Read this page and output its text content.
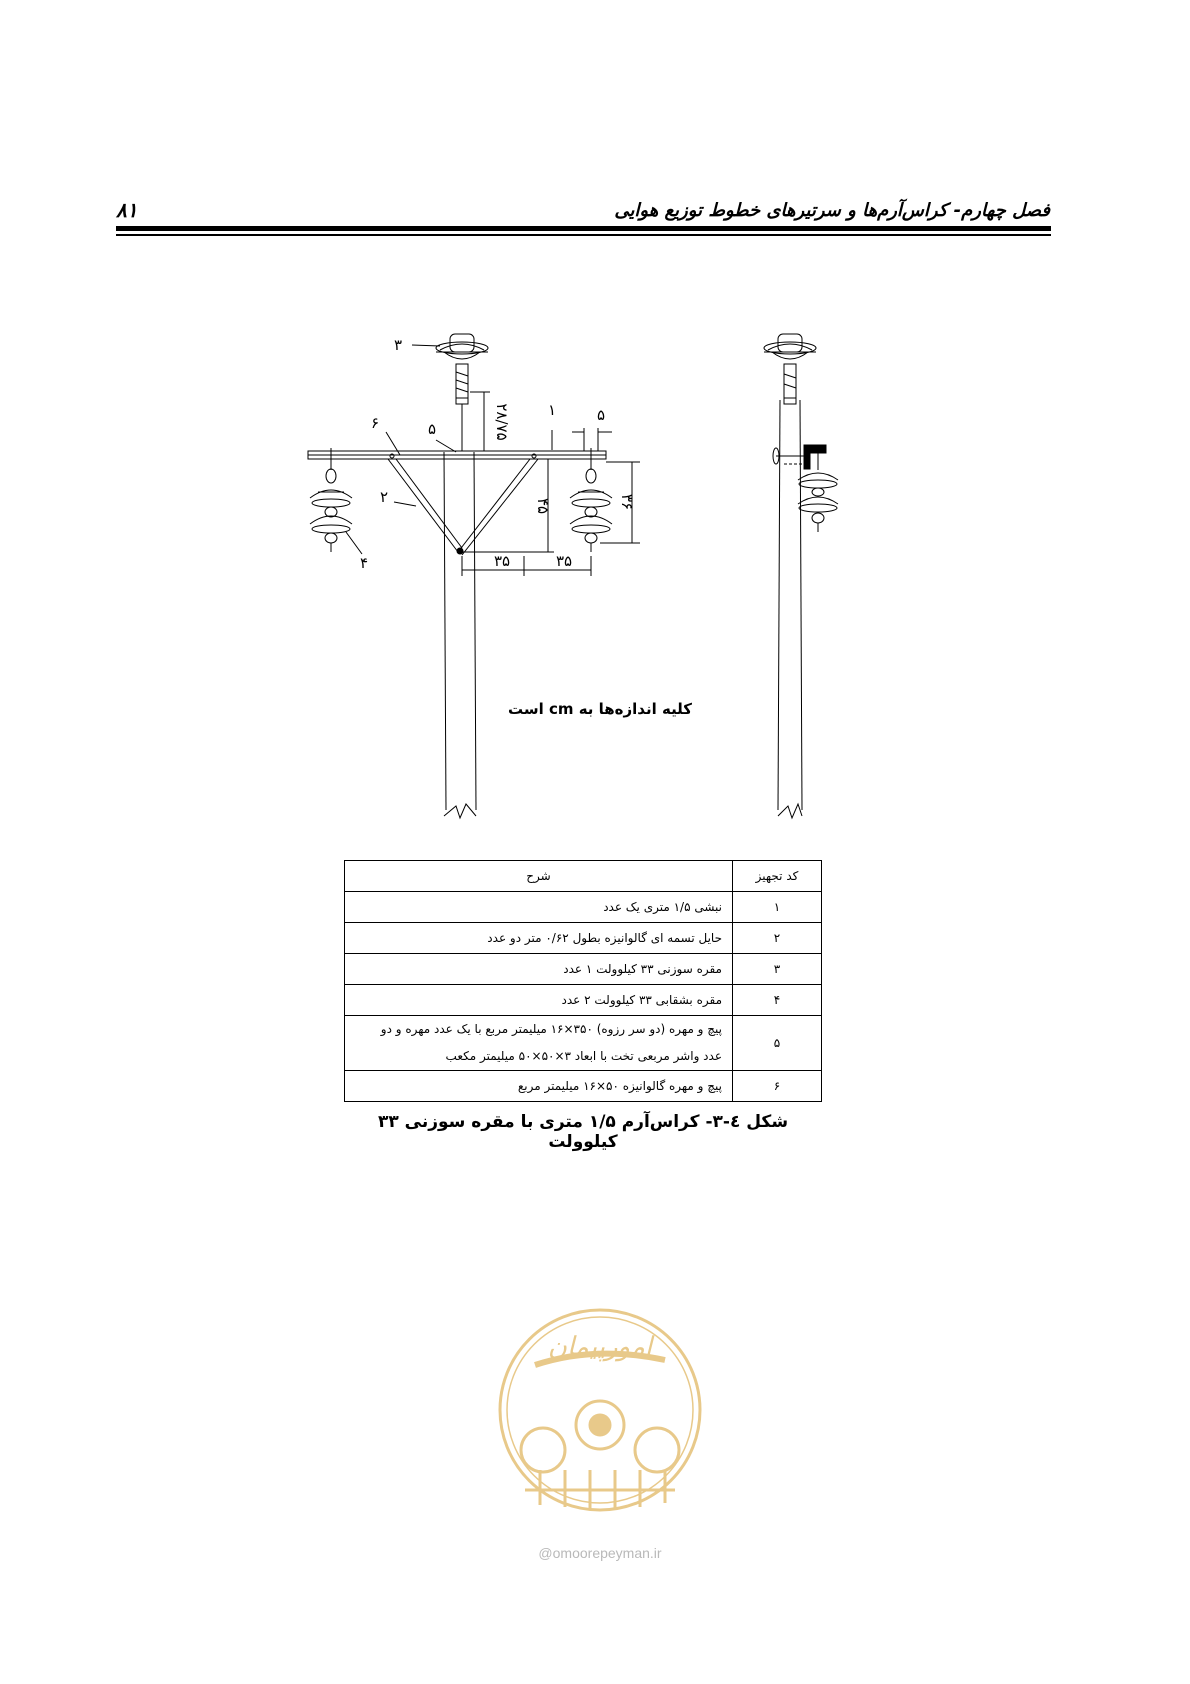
فصل چهارم- کراس‌آرم‌ها و سرتیرهای خطوط توزیع هوایی
۸۱
۳
۶	۵
۱
۲
۴
۵
۲۸/۷۵
۴۵	۳۶
۳۵	۳۵
کلیه اندازه‌ها به cm است
کد تجهیز	شرح
۱	نبشی ۱/۵ متری یک عدد
۲	حایل تسمه ای گالوانیزه بطول ۰/۶۲ متر دو عدد
۳	مقره سوزنی ۳۳ کیلوولت ۱ عدد
۴	مقره بشقابی ۳۳ کیلوولت ۲ عدد
۵	پیچ و مهره (دو سر رزوه) ۳۵۰×۱۶ میلیمتر مربع با یک عدد مهره و دو
عدد واشر مربعی تخت با ابعاد ۳×۵۰×۵۰ میلیمتر مکعب

۶	پیچ و مهره گالوانیزه ۵۰×۱۶ میلیمتر مربع
شکل ٤-۳- کراس‌آرم ۱/۵ متری با مقره سوزنی ۳۳ کیلوولت
امورپیمان
@omoorepeyman.ir
